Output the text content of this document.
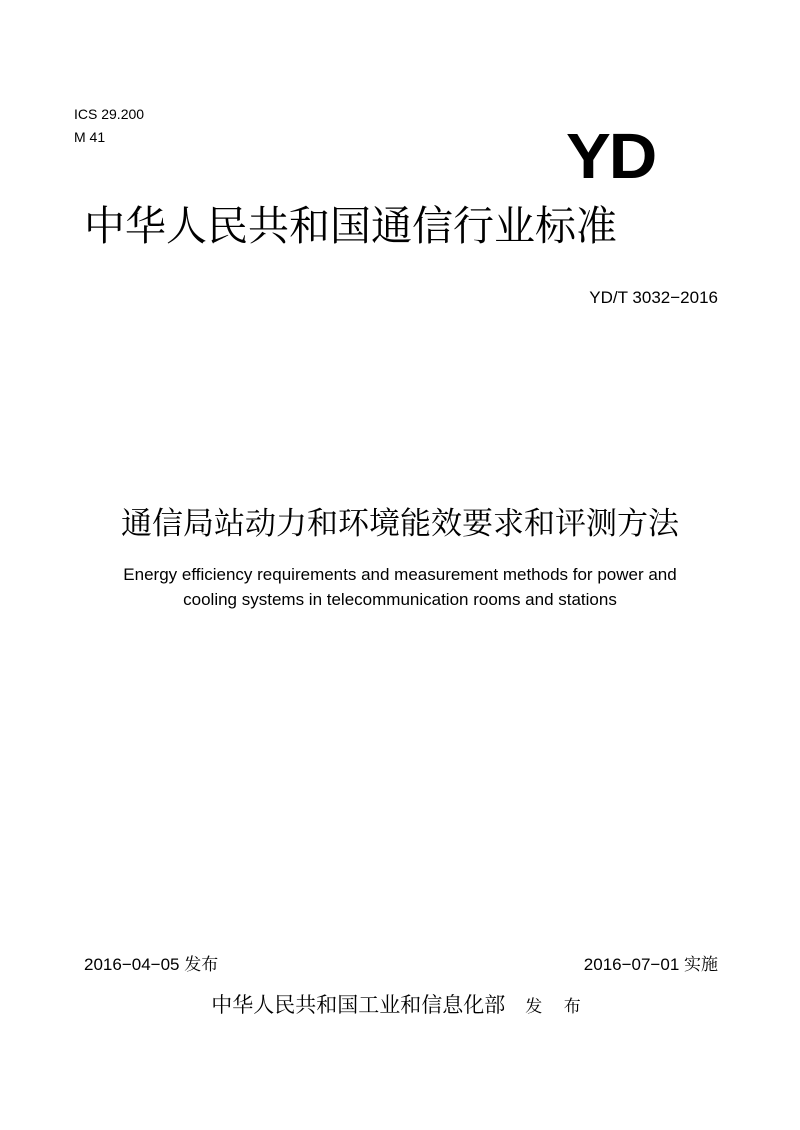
ICS 29.200
M 41	YD
中华人民共和国通信行业标准
YD/T 3032−2016
通信局站动力和环境能效要求和评测方法
Energy efficiency requirements and measurement methods for power and
cooling systems in telecommunication rooms and stations
2016−04−05 发布	2016−07−01 实施
中华人民共和国工业和信息化部 发 布
